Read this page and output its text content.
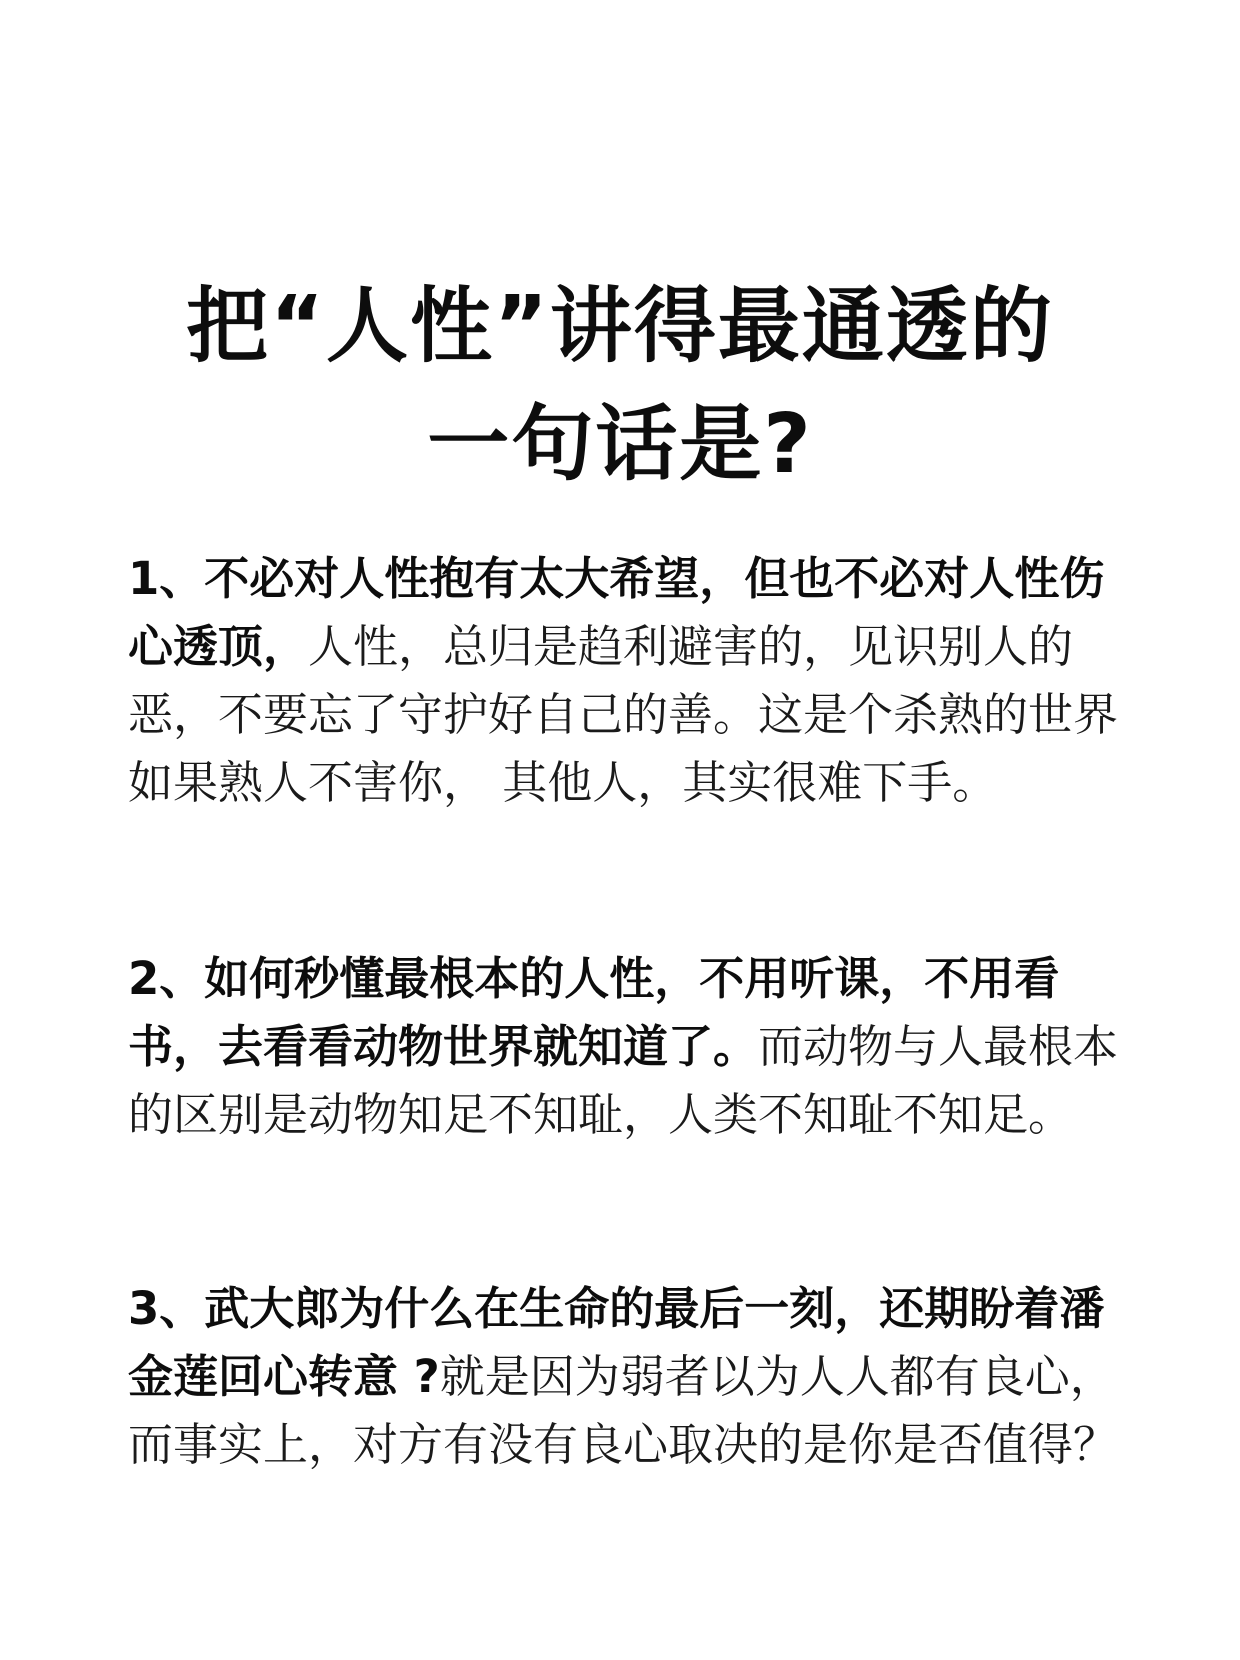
把“人性”讲得最通透的
一句话是?

1、不必对人性抱有太大希望，但也不必对人性伤心透顶，人性，总归是趋利避害的，见识别人的恶，不要忘了守护好自己的善。这是个杀熟的世界如果熟人不害你， 其他人，其实很难下手。

2、如何秒懂最根本的人性，不用听课，不用看书，去看看动物世界就知道了。而动物与人最根本的区别是动物知足不知耻，人类不知耻不知足。

3、武大郎为什么在生命的最后一刻，还期盼着潘金莲回心转意 ?就是因为弱者以为人人都有良心，而事实上，对方有没有良心取决的是你是否值得？
